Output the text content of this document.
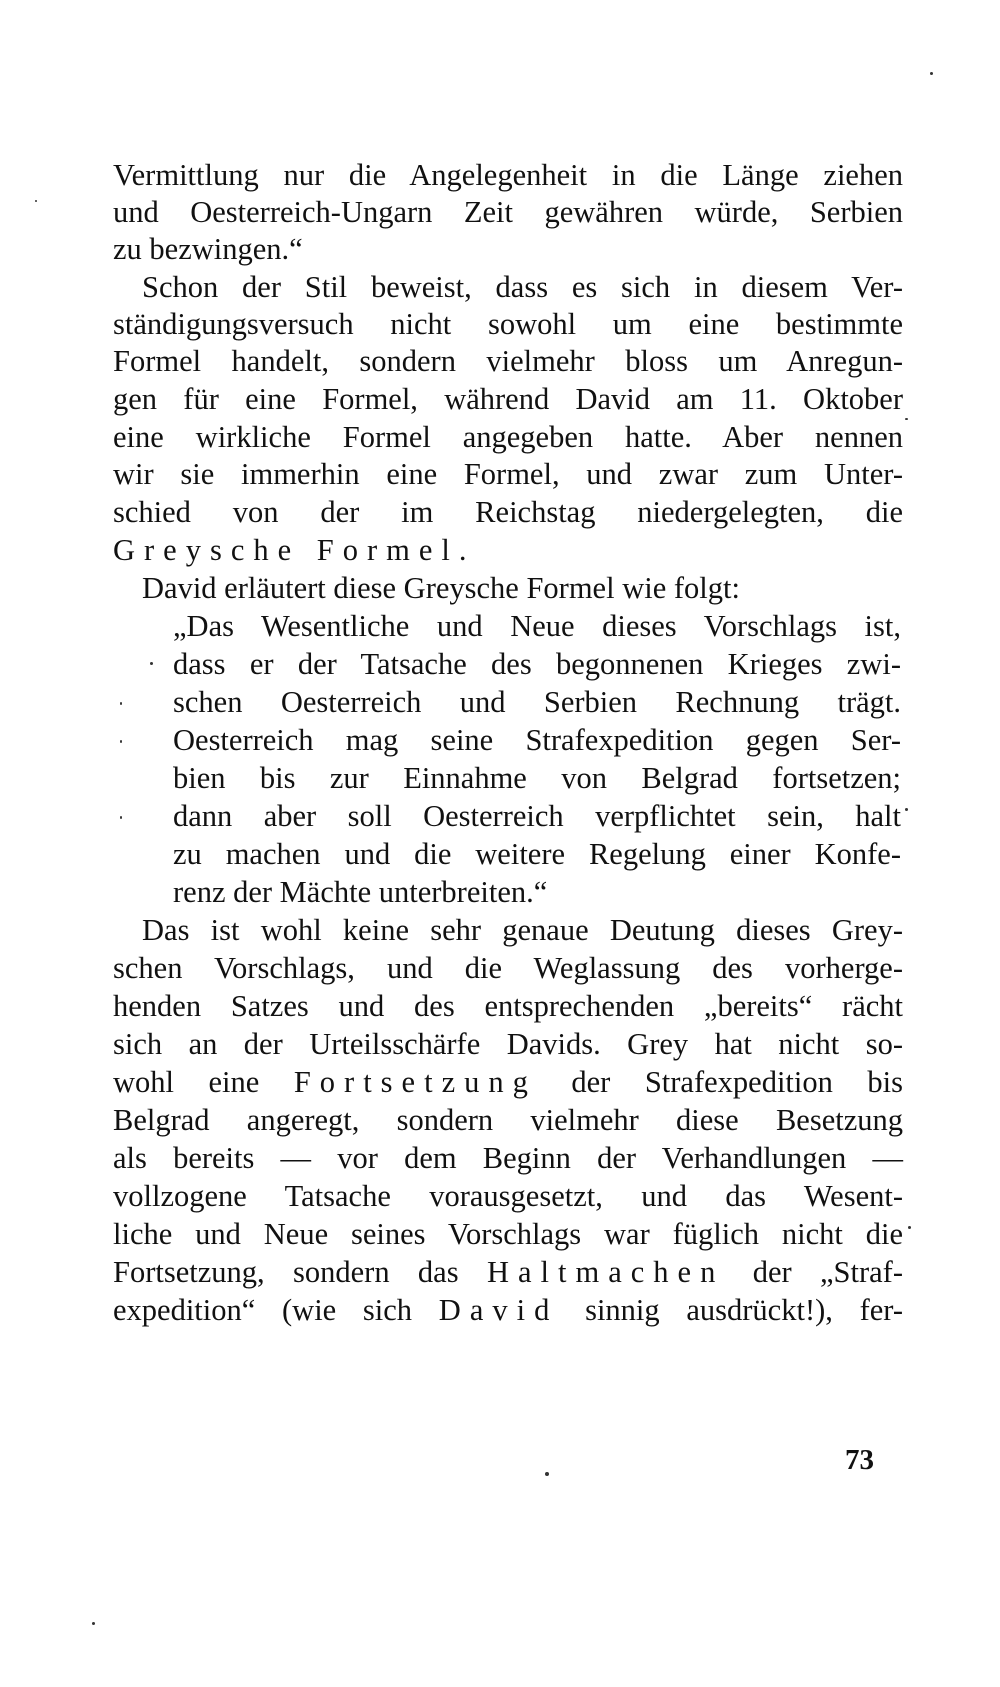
Vermittlung nur die Angelegenheit in die Länge ziehen
und Oesterreich-Ungarn Zeit gewähren würde, Serbien
zu bezwingen.“
Schon der Stil beweist, dass es sich in diesem Ver-
ständigungsversuch nicht sowohl um eine bestimmte
Formel handelt, sondern vielmehr bloss um Anregun-
gen für eine Formel, während David am 11. Oktober
eine wirkliche Formel angegeben hatte. Aber nennen
wir sie immerhin eine Formel, und zwar zum Unter-
schied von der im Reichstag niedergelegten, die
Greysche Formel.
David erläutert diese Greysche Formel wie folgt:
„Das Wesentliche und Neue dieses Vorschlags ist,
dass er der Tatsache des begonnenen Krieges zwi-
schen Oesterreich und Serbien Rechnung trägt.
Oesterreich mag seine Strafexpedition gegen Ser-
bien bis zur Einnahme von Belgrad fortsetzen;
dann aber soll Oesterreich verpflichtet sein, halt
zu machen und die weitere Regelung einer Konfe-
renz der Mächte unterbreiten.“
Das ist wohl keine sehr genaue Deutung dieses Grey-
schen Vorschlags, und die Weglassung des vorherge-
henden Satzes und des entsprechenden „bereits“ rächt
sich an der Urteilsschärfe Davids. Grey hat nicht so-
wohl eine Fortsetzung der Strafexpedition bis
Belgrad angeregt, sondern vielmehr diese Besetzung
als bereits — vor dem Beginn der Verhandlungen —
vollzogene Tatsache vorausgesetzt, und das Wesent-
liche und Neue seines Vorschlags war füglich nicht die
Fortsetzung, sondern das Haltmachen der „Straf-
expedition“ (wie sich David sinnig ausdrückt!), fer-
73
